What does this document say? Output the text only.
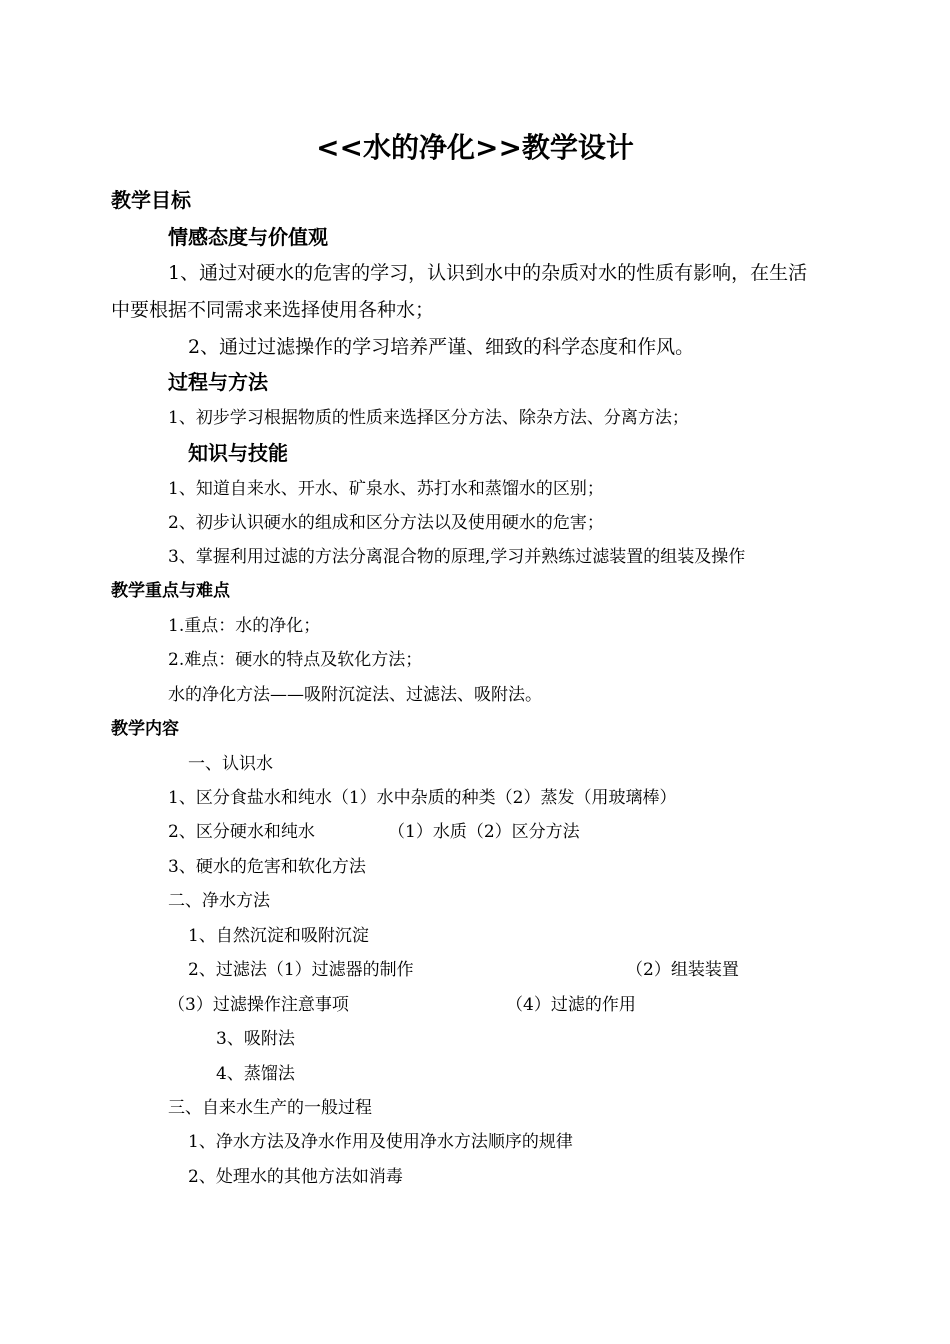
<<水的净化>>教学设计
教学目标
情感态度与价值观
1、通过对硬水的危害的学习，认识到水中的杂质对水的性质有影响，在生活
中要根据不同需求来选择使用各种水；
2、通过过滤操作的学习培养严谨、细致的科学态度和作风。
过程与方法
1、初步学习根据物质的性质来选择区分方法、除杂方法、分离方法；
知识与技能
1、知道自来水、开水、矿泉水、苏打水和蒸馏水的区别；
2、初步认识硬水的组成和区分方法以及使用硬水的危害；
3、掌握利用过滤的方法分离混合物的原理,学习并熟练过滤装置的组装及操作
教学重点与难点
1.重点：水的净化；
2.难点：硬水的特点及软化方法；
水的净化方法——吸附沉淀法、过滤法、吸附法。
教学内容
一、认识水
1、区分食盐水和纯水（1）水中杂质的种类（2）蒸发（用玻璃棒）
2、区分硬水和纯水	（1）水质（2）区分方法
3、硬水的危害和软化方法
二、净水方法
1、自然沉淀和吸附沉淀
2、过滤法（1）过滤器的制作	（2）组装装置
（3）过滤操作注意事项	（4）过滤的作用
3、吸附法
4、蒸馏法
三、自来水生产的一般过程
1、净水方法及净水作用及使用净水方法顺序的规律
2、处理水的其他方法如消毒
